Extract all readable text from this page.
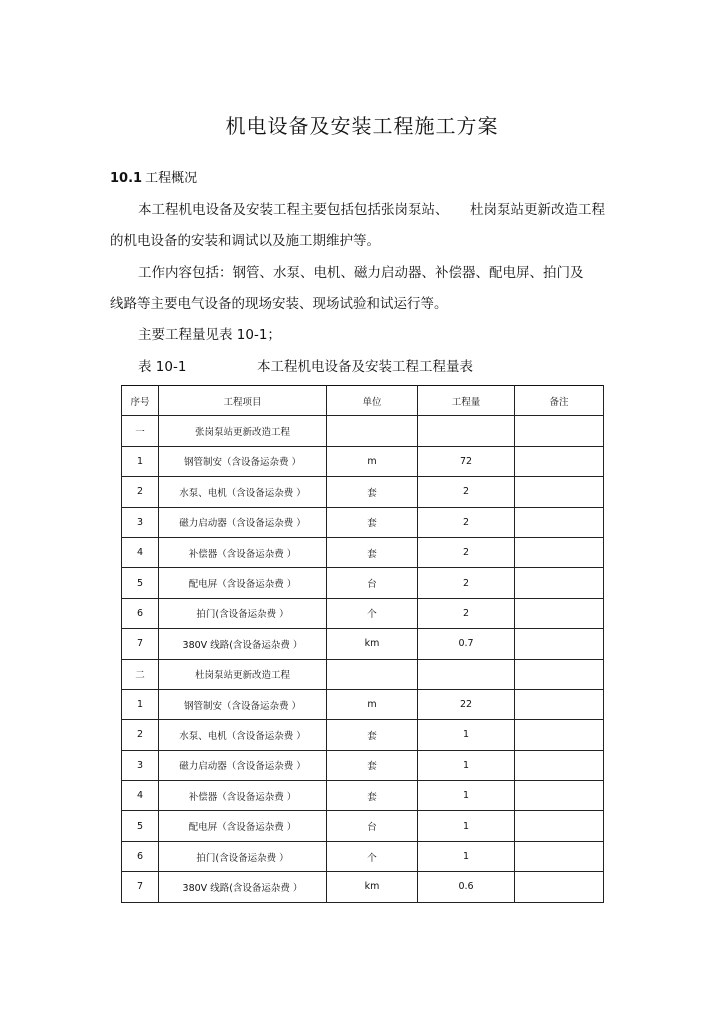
机电设备及安装工程施工方案
10.1 工程概况
本工程机电设备及安装工程主要包括包括张岗泵站、 杜岗泵站更新改造工程
的机电设备的安装和调试以及施工期维护等。
工作内容包括：钢管、水泵、电机、磁力启动器、补偿器、配电屏、拍门及
线路等主要电气设备的现场安装、现场试验和试运行等。
主要工程量见表 10-1；
表 10-1	本工程机电设备及安装工程工程量表
序号	工程项目	单位	工程量	备注
一	张岗泵站更新改造工程			
1	钢管制安（含设备运杂费 ）	m	72	
2	水泵、电机（含设备运杂费 ）	套	2	
3	磁力启动器（含设备运杂费 ）	套	2	
4	补偿器（含设备运杂费 ）	套	2	
5	配电屏（含设备运杂费 ）	台	2	
6	拍门(含设备运杂费 ）	个	2	
7	380V 线路(含设备运杂费 ）	km	0.7	
二	杜岗泵站更新改造工程			
1	钢管制安（含设备运杂费 ）	m	22	
2	水泵、电机（含设备运杂费 ）	套	1	
3	磁力启动器（含设备运杂费 ）	套	1	
4	补偿器（含设备运杂费 ）	套	1	
5	配电屏（含设备运杂费 ）	台	1	
6	拍门(含设备运杂费 ）	个	1	
7	380V 线路(含设备运杂费 ）	km	0.6	
